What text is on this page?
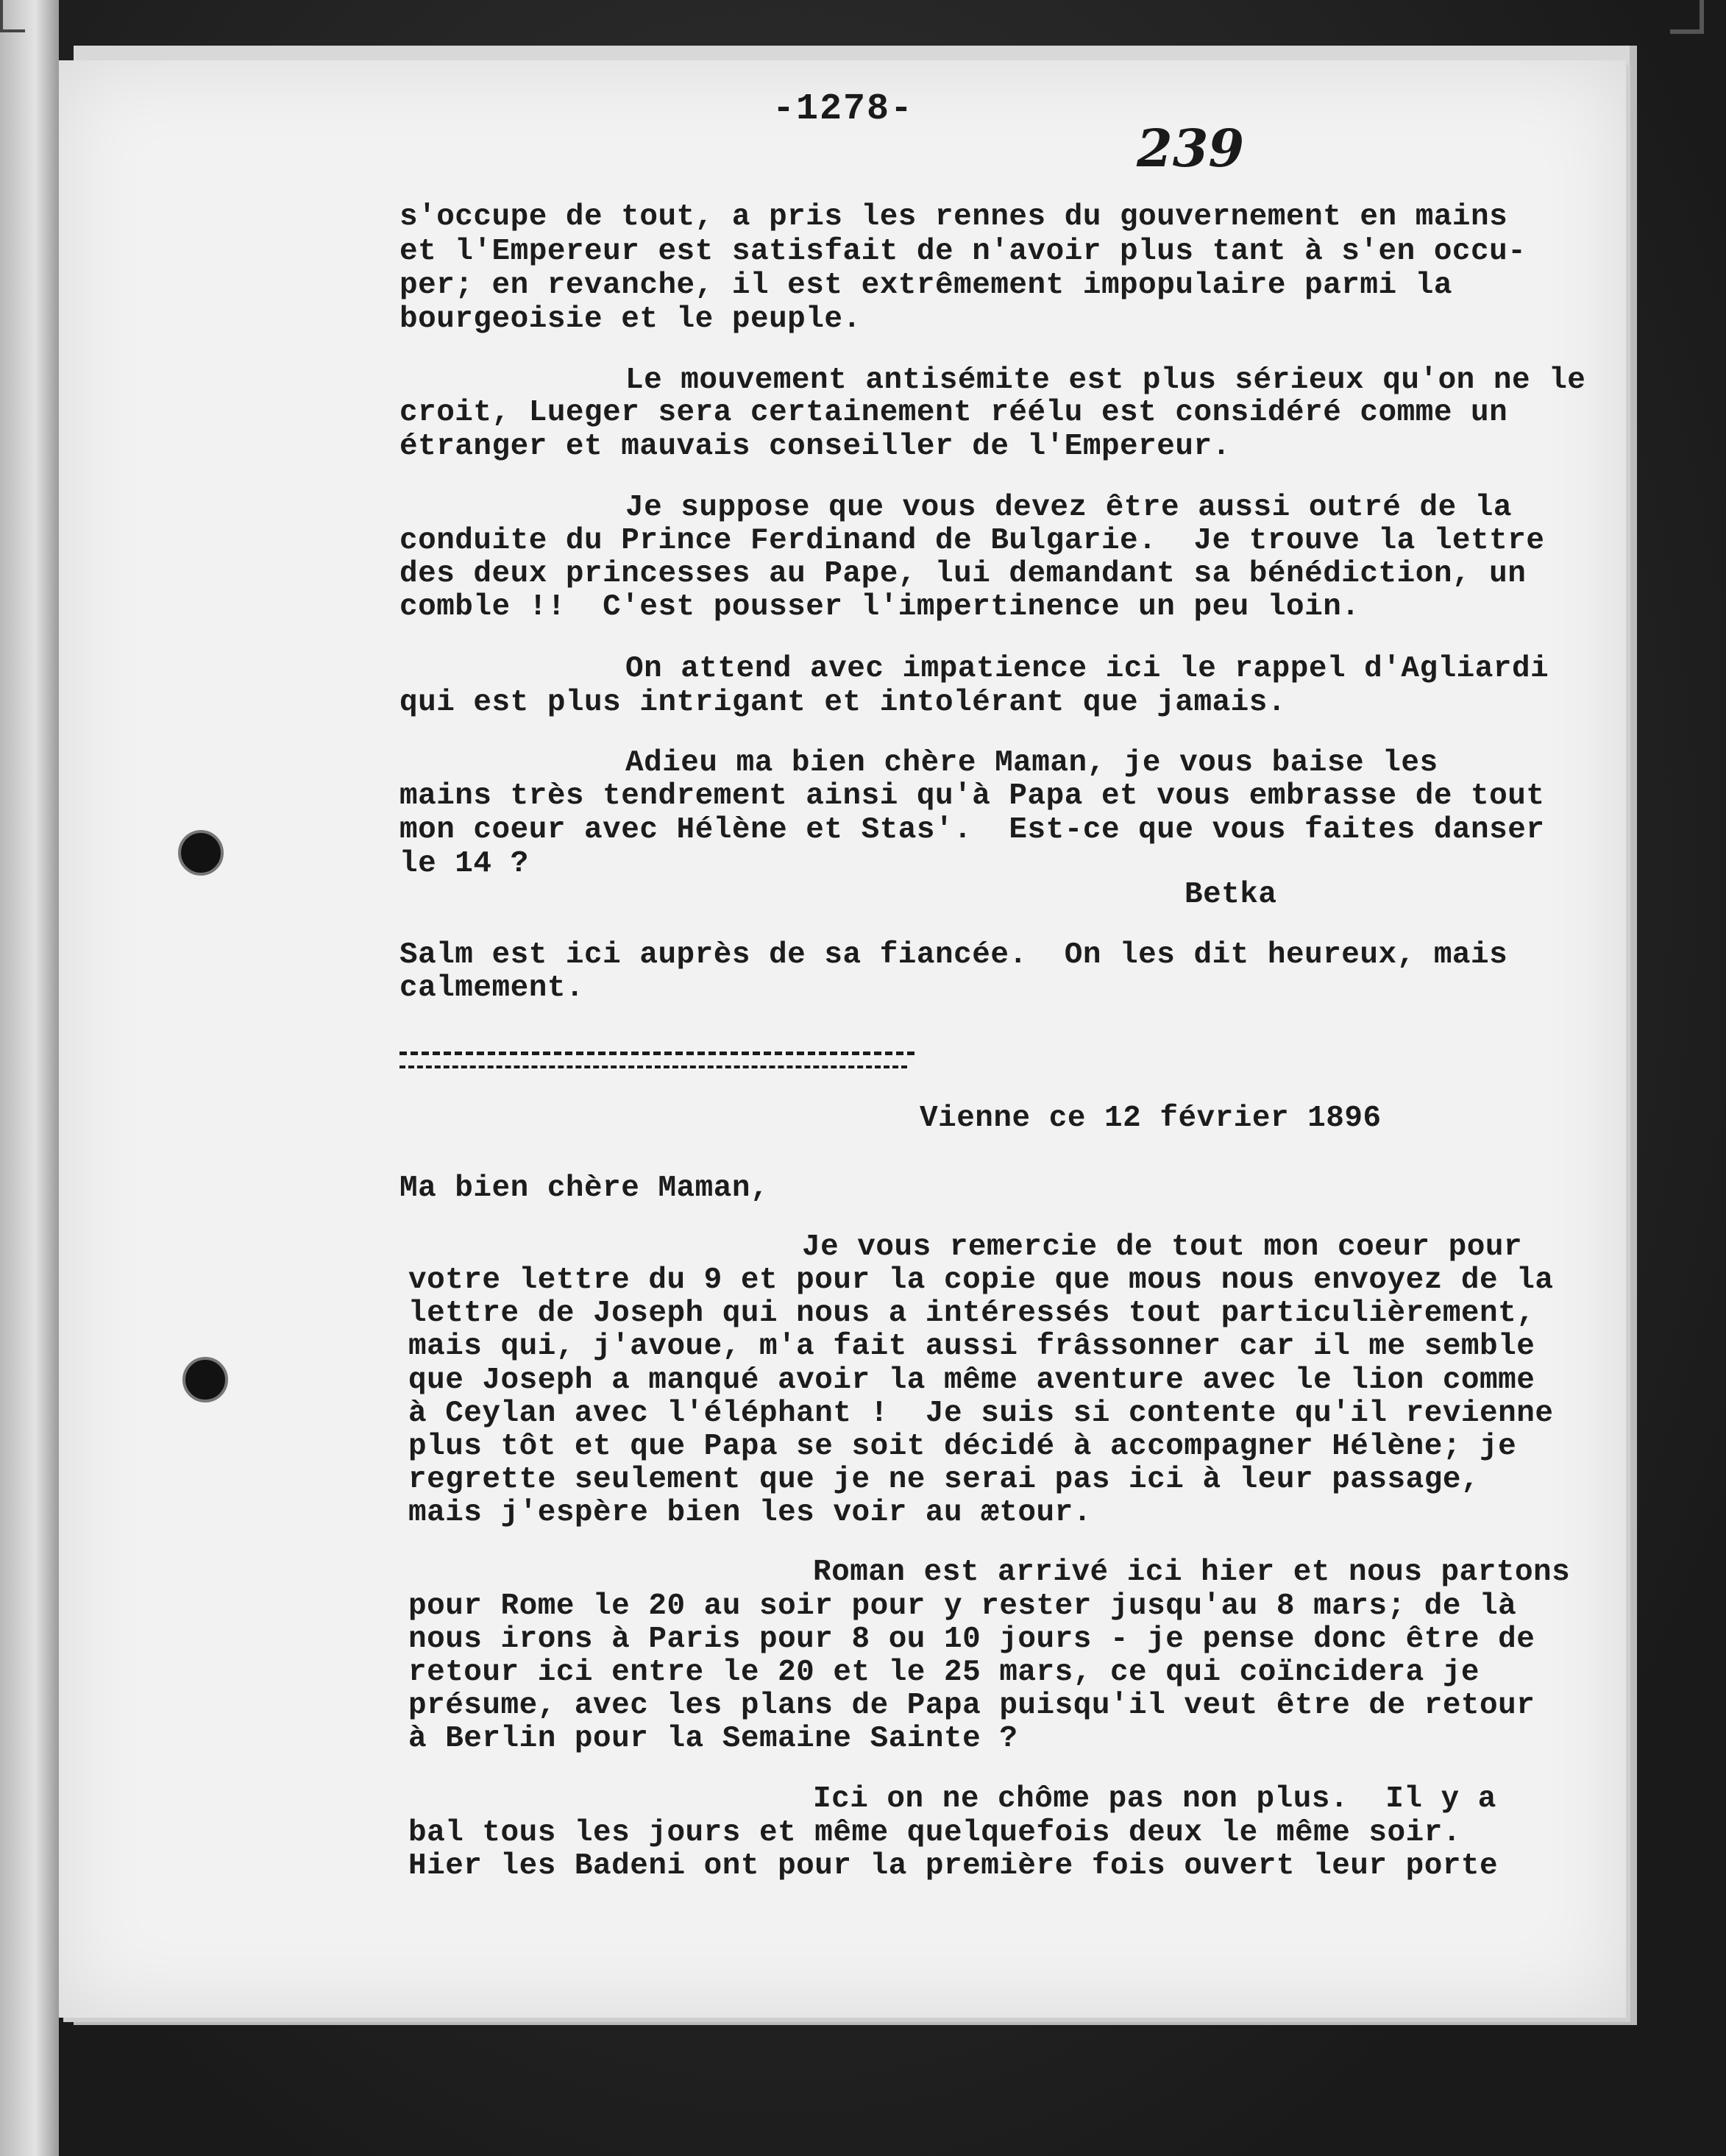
-1278-
239
s'occupe de tout, a pris les rennes du gouvernement en mains
et l'Empereur est satisfait de n'avoir plus tant à s'en occu-
per; en revanche, il est extrêmement impopulaire parmi la
bourgeoisie et le peuple.
Le mouvement antisémite est plus sérieux qu'on ne le
croit, Lueger sera certainement réélu est considéré comme un
étranger et mauvais conseiller de l'Empereur.
Je suppose que vous devez être aussi outré de la
conduite du Prince Ferdinand de Bulgarie.  Je trouve la lettre
des deux princesses au Pape, lui demandant sa bénédiction, un
comble !!  C'est pousser l'impertinence un peu loin.
On attend avec impatience ici le rappel d'Agliardi
qui est plus intrigant et intolérant que jamais.
Adieu ma bien chère Maman, je vous baise les
mains très tendrement ainsi qu'à Papa et vous embrasse de tout
mon coeur avec Hélène et Stas'.  Est-ce que vous faites danser
le 14 ?
Betka
Salm est ici auprès de sa fiancée.  On les dit heureux, mais
calmement.
Vienne ce 12 février 1896
Ma bien chère Maman,
Je vous remercie de tout mon coeur pour
votre lettre du 9 et pour la copie que mous nous envoyez de la
lettre de Joseph qui nous a intéressés tout particulièrement,
mais qui, j'avoue, m'a fait aussi frâssonner car il me semble
que Joseph a manqué avoir la même aventure avec le lion comme
à Ceylan avec l'éléphant !  Je suis si contente qu'il revienne
plus tôt et que Papa se soit décidé à accompagner Hélène; je
regrette seulement que je ne serai pas ici à leur passage,
mais j'espère bien les voir au ætour.
Roman est arrivé ici hier et nous partons
pour Rome le 20 au soir pour y rester jusqu'au 8 mars; de là
nous irons à Paris pour 8 ou 10 jours - je pense donc être de
retour ici entre le 20 et le 25 mars, ce qui coïncidera je
présume, avec les plans de Papa puisqu'il veut être de retour
à Berlin pour la Semaine Sainte ?
Ici on ne chôme pas non plus.  Il y a
bal tous les jours et même quelquefois deux le même soir.
Hier les Badeni ont pour la première fois ouvert leur porte
